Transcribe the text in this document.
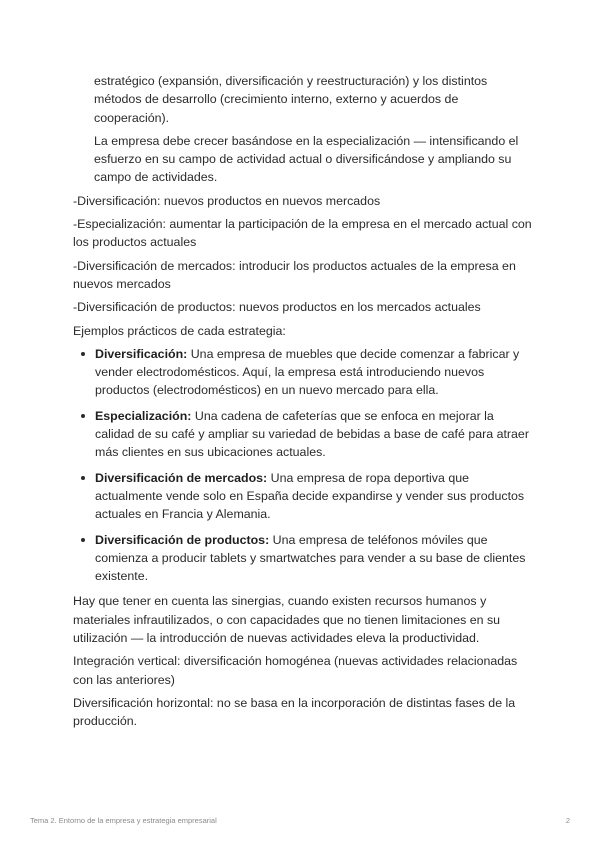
estratégico (expansión, diversificación y reestructuración) y los distintos métodos de desarrollo (crecimiento interno, externo y acuerdos de cooperación).

La empresa debe crecer basándose en la especialización — intensificando el esfuerzo en su campo de actividad actual o diversificándose y ampliando su campo de actividades.

-Diversificación: nuevos productos en nuevos mercados

-Especialización: aumentar la participación de la empresa en el mercado actual con los productos actuales

-Diversificación de mercados: introducir los productos actuales de la empresa en nuevos mercados

-Diversificación de productos: nuevos productos en los mercados actuales

Ejemplos prácticos de cada estrategia:

Diversificación: Una empresa de muebles que decide comenzar a fabricar y vender electrodomésticos. Aquí, la empresa está introduciendo nuevos productos (electrodomésticos) en un nuevo mercado para ella.
Especialización: Una cadena de cafeterías que se enfoca en mejorar la calidad de su café y ampliar su variedad de bebidas a base de café para atraer más clientes en sus ubicaciones actuales.
Diversificación de mercados: Una empresa de ropa deportiva que actualmente vende solo en España decide expandirse y vender sus productos actuales en Francia y Alemania.
Diversificación de productos: Una empresa de teléfonos móviles que comienza a producir tablets y smartwatches para vender a su base de clientes existente.

Hay que tener en cuenta las sinergias, cuando existen recursos humanos y materiales infrautilizados, o con capacidades que no tienen limitaciones en su utilización — la introducción de nuevas actividades eleva la productividad.

Integración vertical: diversificación homogénea (nuevas actividades relacionadas con las anteriores)

Diversificación horizontal: no se basa en la incorporación de distintas fases de la producción.

Tema 2. Entorno de la empresa y estrategia empresarial	2
